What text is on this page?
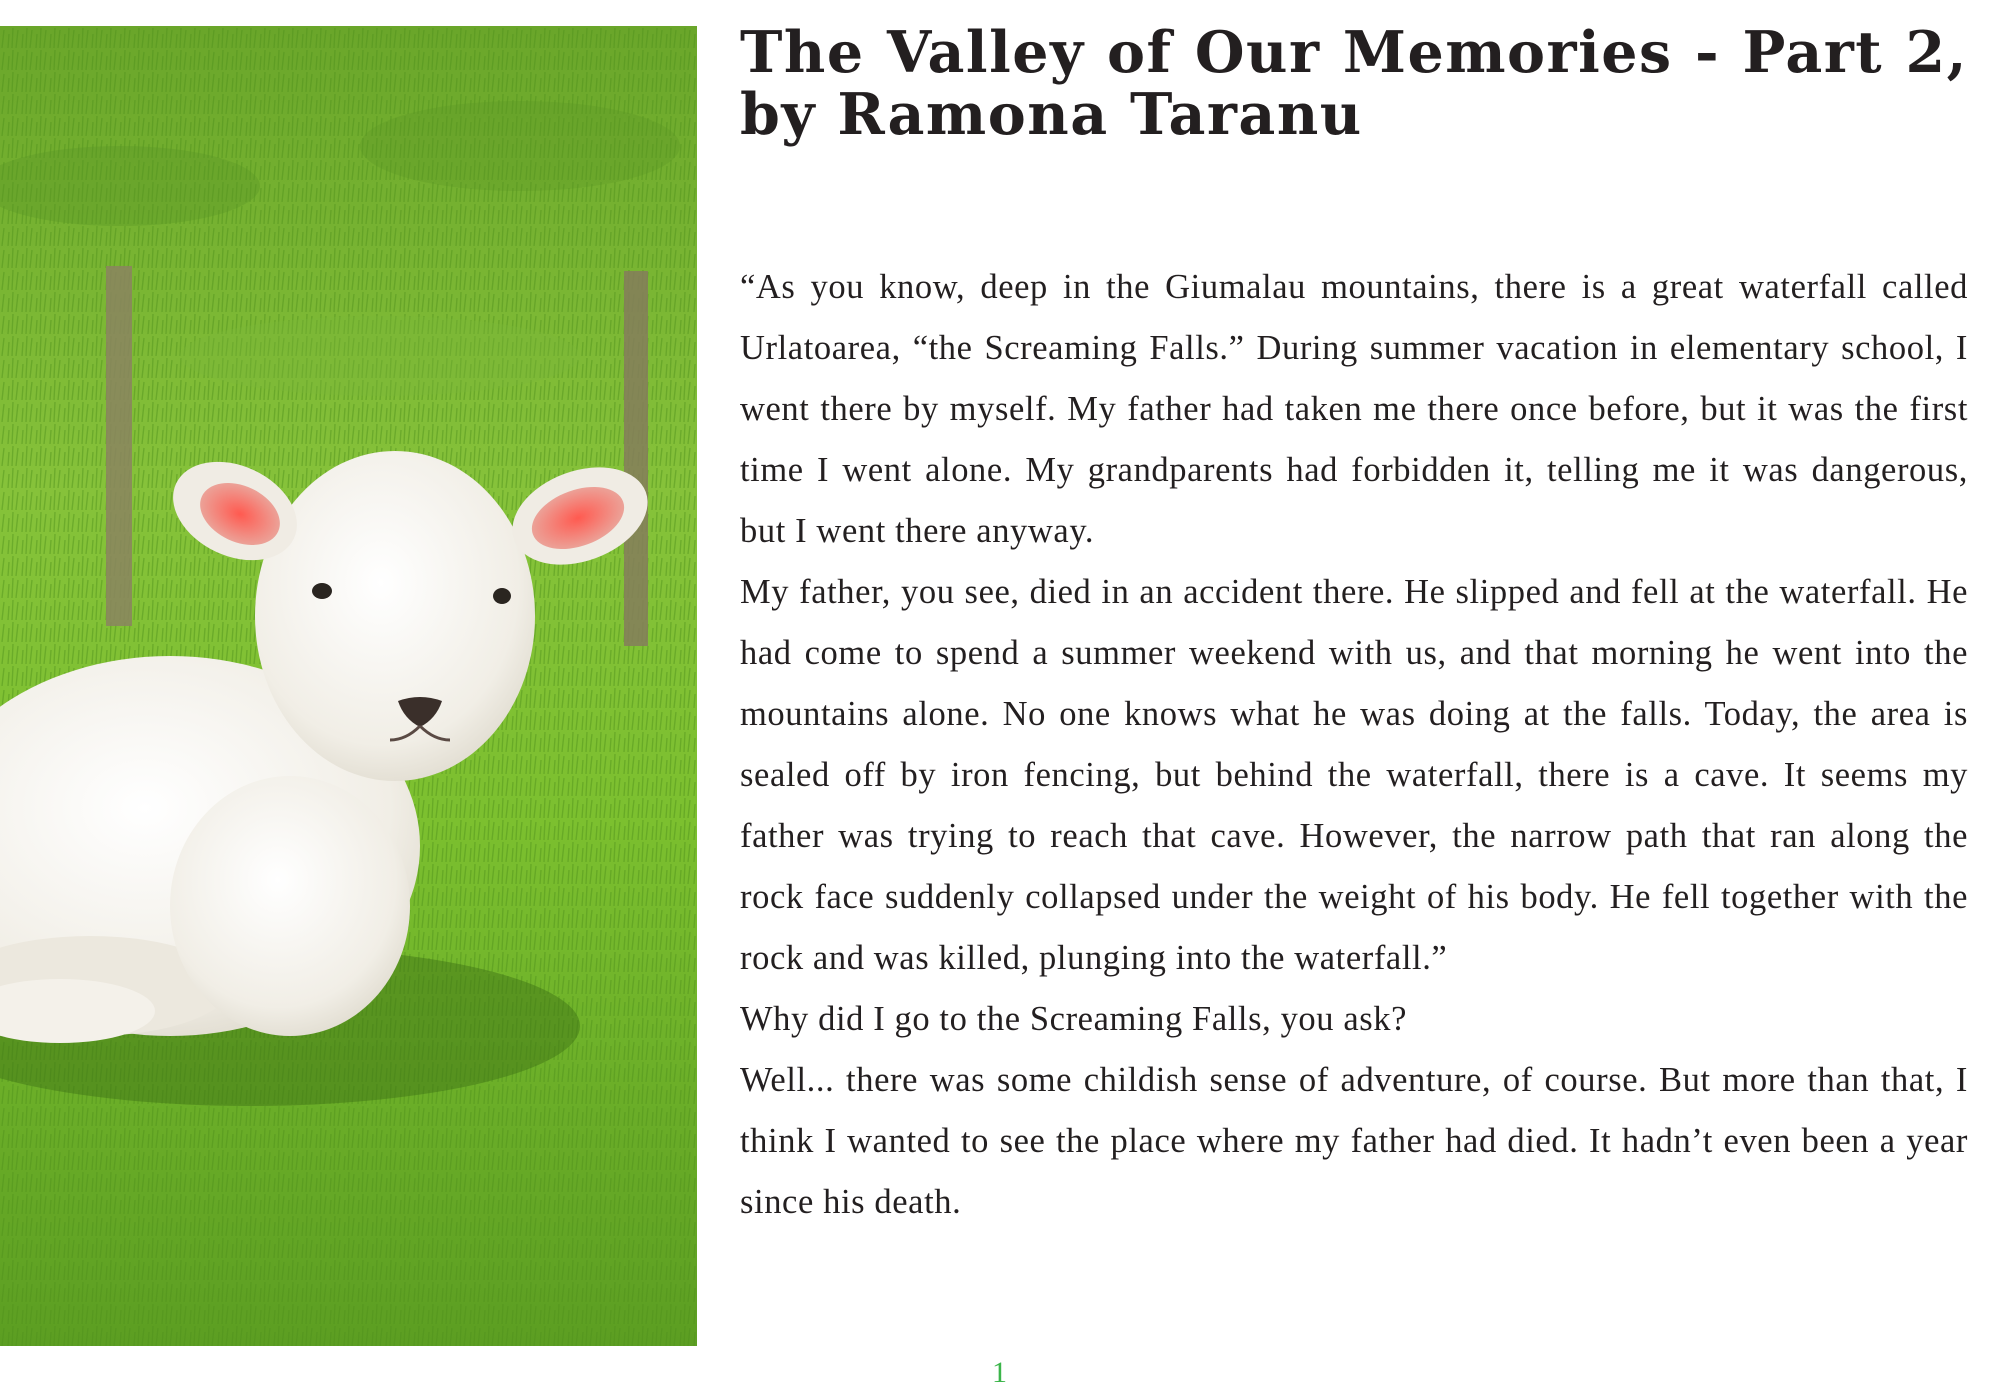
The Valley of Our Memories - Part 2, by Ramona Taranu

“As you know, deep in the Giumalau mountains, there is a great waterfall called Urlatoarea, “the Screaming Falls.” During summer vacation in elementary school, I went there by myself. My father had taken me there once before, but it was the first time I went alone. My grandparents had forbidden it, telling me it was dangerous, but I went there anyway.

My father, you see, died in an accident there. He slipped and fell at the waterfall. He had come to spend a summer weekend with us, and that morning he went into the mountains alone. No one knows what he was doing at the falls. Today, the area is sealed off by iron fencing, but behind the waterfall, there is a cave. It seems my father was trying to reach that cave. However, the narrow path that ran along the rock face suddenly collapsed under the weight of his body. He fell together with the rock and was killed, plunging into the waterfall.”

Why did I go to the Screaming Falls, you ask?

Well... there was some childish sense of adventure, of course. But more than that, I think I wanted to see the place where my father had died. It hadn’t even been a year since his death.

1
